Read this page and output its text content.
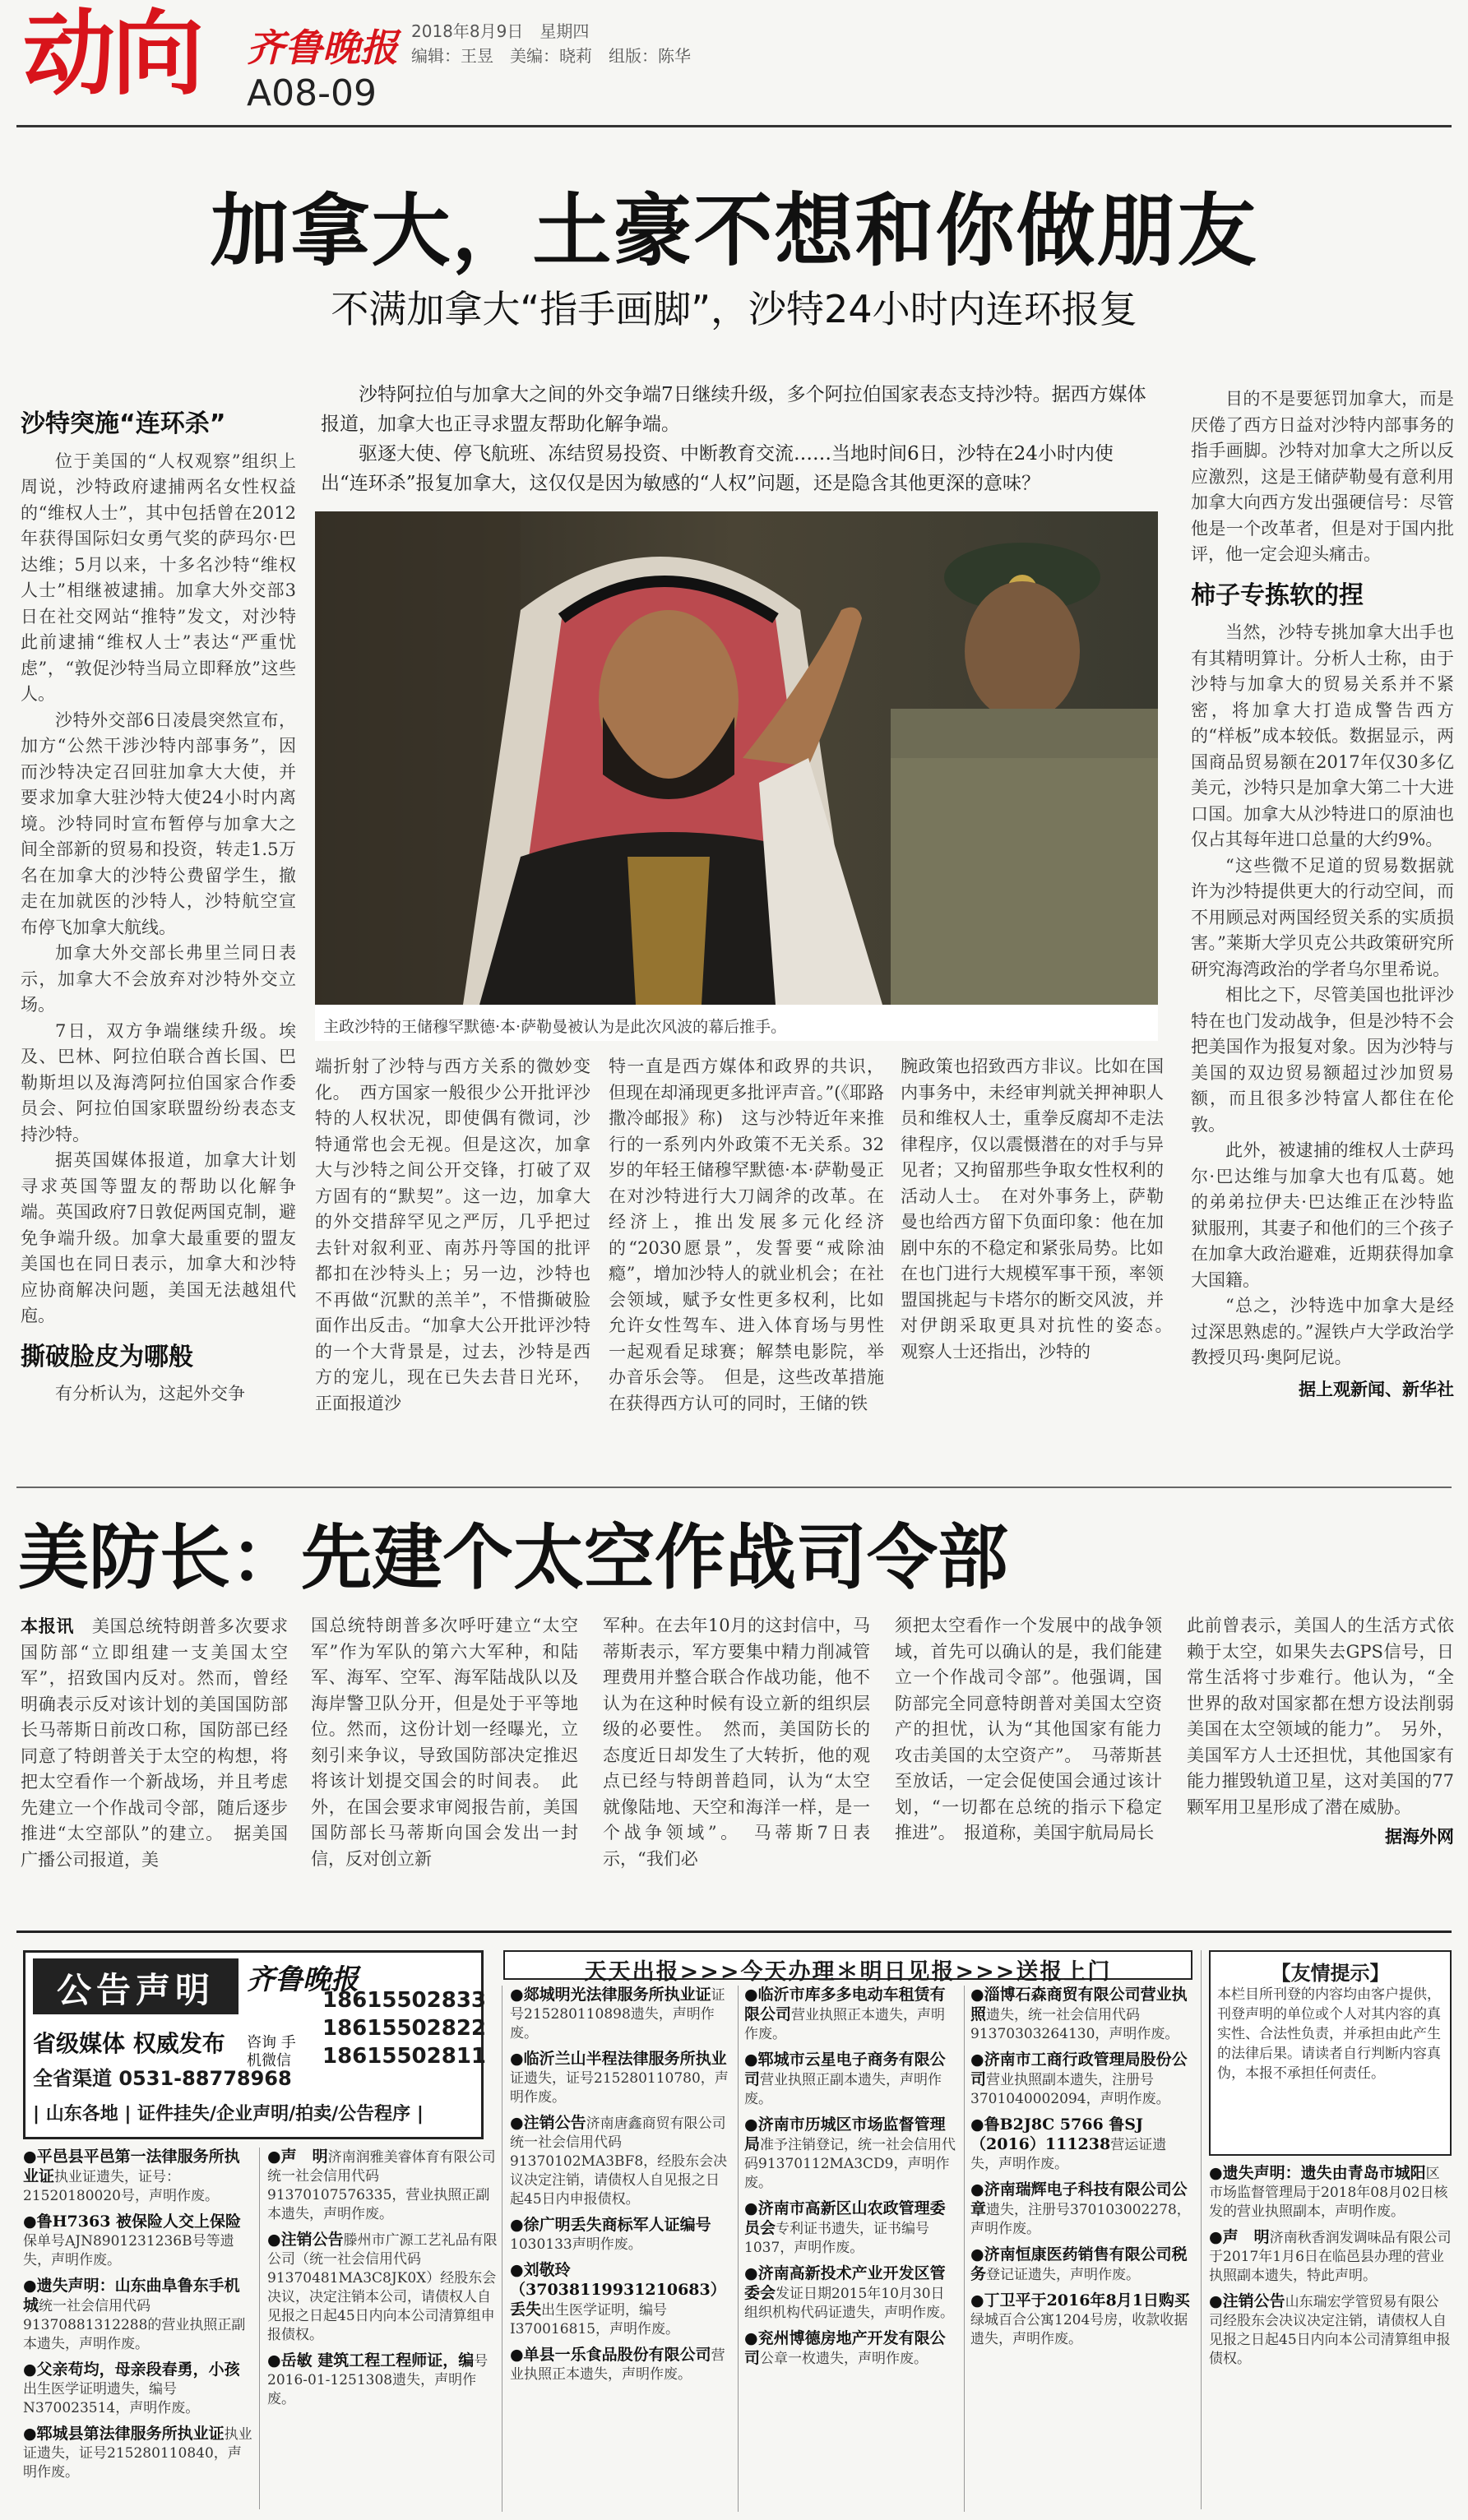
动向 齐鲁晚报
A08-09
2018年8月9日　星期四
编辑：王昱　美编：晓莉　组版：陈华
加拿大，土豪不想和你做朋友
不满加拿大“指手画脚”，沙特24小时内连环报复

沙特阿拉伯与加拿大之间的外交争端7日继续升级，多个阿拉伯国家表态支持沙特。据西方媒体报道，加拿大也正寻求盟友帮助化解争端。

驱逐大使、停飞航班、冻结贸易投资、中断教育交流……当地时间6日，沙特在24小时内使出“连环杀”报复加拿大，这仅仅是因为敏感的“人权”问题，还是隐含其他更深的意味？

沙特突施“连环杀”

位于美国的“人权观察”组织上周说，沙特政府逮捕两名女性权益的“维权人士”，其中包括曾在2012年获得国际妇女勇气奖的萨玛尔·巴达维；5月以来，十多名沙特“维权人士”相继被逮捕。加拿大外交部3日在社交网站“推特”发文，对沙特此前逮捕“维权人士”表达“严重忧虑”，“敦促沙特当局立即释放”这些人。

沙特外交部6日凌晨突然宣布，加方“公然干涉沙特内部事务”，因而沙特决定召回驻加拿大大使，并要求加拿大驻沙特大使24小时内离境。沙特同时宣布暂停与加拿大之间全部新的贸易和投资，转走1.5万名在加拿大的沙特公费留学生，撤走在加就医的沙特人，沙特航空宣布停飞加拿大航线。

加拿大外交部长弗里兰同日表示，加拿大不会放弃对沙特外交立场。

7日，双方争端继续升级。埃及、巴林、阿拉伯联合酋长国、巴勒斯坦以及海湾阿拉伯国家合作委员会、阿拉伯国家联盟纷纷表态支持沙特。

据英国媒体报道，加拿大计划寻求英国等盟友的帮助以化解争端。英国政府7日敦促两国克制，避免争端升级。加拿大最重要的盟友美国也在同日表示，加拿大和沙特应协商解决问题，美国无法越俎代庖。

撕破脸皮为哪般

有分析认为，这起外交争

主政沙特的王储穆罕默德·本·萨勒曼被认为是此次风波的幕后推手。
端折射了沙特与西方关系的微妙变化。　西方国家一般很少公开批评沙特的人权状况，即使偶有微词，沙特通常也会无视。但是这次，加拿大与沙特之间公开交锋，打破了双方固有的“默契”。这一边，加拿大的外交措辞罕见之严厉，几乎把过去针对叙利亚、南苏丹等国的批评都扣在沙特头上；另一边，沙特也不再做“沉默的羔羊”，不惜撕破脸面作出反击。“加拿大公开批评沙特的一个大背景是，过去，沙特是西方的宠儿，现在已失去昔日光环，正面报道沙
特一直是西方媒体和政界的共识，但现在却涌现更多批评声音。”(《耶路撒冷邮报》称)　这与沙特近年来推行的一系列内外政策不无关系。32岁的年轻王储穆罕默德·本·萨勒曼正在对沙特进行大刀阔斧的改革。在经济上，推出发展多元化经济的“2030愿景”，发誓要“戒除油瘾”，增加沙特人的就业机会；在社会领域，赋予女性更多权利，比如允许女性驾车、进入体育场与男性一起观看足球赛；解禁电影院，举办音乐会等。　但是，这些改革措施在获得西方认可的同时，王储的铁
腕政策也招致西方非议。比如在国内事务中，未经审判就关押神职人员和维权人士，重拳反腐却不走法律程序，仅以震慑潜在的对手与异见者；又拘留那些争取女性权利的活动人士。　在对外事务上，萨勒曼也给西方留下负面印象：他在加剧中东的不稳定和紧张局势。比如在也门进行大规模军事干预，率领盟国挑起与卡塔尔的断交风波，并对伊朗采取更具对抗性的姿态。　观察人士还指出，沙特的

目的不是要惩罚加拿大，而是厌倦了西方日益对沙特内部事务的指手画脚。沙特对加拿大之所以反应激烈，这是王储萨勒曼有意利用加拿大向西方发出强硬信号：尽管他是一个改革者，但是对于国内批评，他一定会迎头痛击。

柿子专拣软的捏

当然，沙特专挑加拿大出手也有其精明算计。分析人士称，由于沙特与加拿大的贸易关系并不紧密，将加拿大打造成警告西方的“样板”成本较低。数据显示，两国商品贸易额在2017年仅30多亿美元，沙特只是加拿大第二十大进口国。加拿大从沙特进口的原油也仅占其每年进口总量的大约9%。

“这些微不足道的贸易数据就许为沙特提供更大的行动空间，而不用顾忌对两国经贸关系的实质损害。”莱斯大学贝克公共政策研究所研究海湾政治的学者乌尔里希说。

相比之下，尽管美国也批评沙特在也门发动战争，但是沙特不会把美国作为报复对象。因为沙特与美国的双边贸易额超过沙加贸易额，而且很多沙特富人都住在伦敦。

此外，被逮捕的维权人士萨玛尔·巴达维与加拿大也有瓜葛。她的弟弟拉伊夫·巴达维正在沙特监狱服刑，其妻子和他们的三个孩子在加拿大政治避难，近期获得加拿大国籍。

“总之，沙特选中加拿大是经过深思熟虑的。”渥铁卢大学政治学教授贝玛·奥阿尼说。

据上观新闻、新华社

美防长：先建个太空作战司令部
本报讯　 美国总统特朗普多次要求国防部“立即组建一支美国太空军”，招致国内反对。然而，曾经明确表示反对该计划的美国国防部长马蒂斯日前改口称，国防部已经同意了特朗普关于太空的构想，将把太空看作一个新战场，并且考虑先建立一个作战司令部，随后逐步推进“太空部队”的建立。　据美国广播公司报道，美
国总统特朗普多次呼吁建立“太空军”作为军队的第六大军种，和陆军、海军、空军、海军陆战队以及海岸警卫队分开，但是处于平等地位。然而，这份计划一经曝光，立刻引来争议，导致国防部决定推迟将该计划提交国会的时间表。　此外，在国会要求审阅报告前，美国国防部长马蒂斯向国会发出一封信，反对创立新
军种。在去年10月的这封信中，马蒂斯表示，军方要集中精力削减管理费用并整合联合作战功能，他不认为在这种时候有设立新的组织层级的必要性。　然而，美国防长的态度近日却发生了大转折，他的观点已经与特朗普趋同，认为“太空就像陆地、天空和海洋一样，是一个战争领域”。　马蒂斯7日表示，“我们必
须把太空看作一个发展中的战争领域，首先可以确认的是，我们能建立一个作战司令部”。他强调，国防部完全同意特朗普对美国太空资产的担忧，认为“其他国家有能力攻击美国的太空资产”。　马蒂斯甚至放话，一定会促使国会通过该计划，“一切都在总统的指示下稳定推进”。　报道称，美国宇航局局长
此前曾表示，美国人的生活方式依赖于太空，如果失去GPS信号，日常生活将寸步难行。他认为，“全世界的敌对国家都在想方设法削弱美国在太空领域的能力”。　另外，美国军方人士还担忧，其他国家有能力摧毁轨道卫星，这对美国的77颗军用卫星形成了潜在威胁。

据海外网

公告声明	齐鲁晚报
省级媒体 权威发布 咨询 手机微信
18615502833
18615502822
18615502811
全省渠道 0531-88778968
| 山东各地 | 证件挂失/企业声明/拍卖/公告程序 |
天天出报>>>今天办理＊明日见报>>>送报上门	【友情提示】
本栏目所刊登的内容均由客户提供，刊登声明的单位或个人对其内容的真实性、合法性负责，并承担由此产生的法律后果。请读者自行判断内容真伪，本报不承担任何责任。
●平邑县平邑第一法律服务所执业证执业证遗失，证号：21520180020号，声明作废。
●鲁H7363 被保险人交上保险保单号AJN8901231236B号等遗失，声明作废。
●遗失声明：山东曲阜鲁东手机城统一社会信用代码91370881312288的营业执照正副本遗失，声明作废。
●父亲苟均，母亲段春勇，小孩出生医学证明遗失，编号N370023514，声明作废。
●郓城县第法律服务所执业证执业证遗失，证号215280110840，声明作废。
●声　明济南润雅美睿体育有限公司统一社会信用代码91370107576335，营业执照正副本遗失，声明作废。
●注销公告滕州市广源工艺礼品有限公司（统一社会信用代码91370481MA3C8JK0X）经股东会决议，决定注销本公司，请债权人自见报之日起45日内向本公司清算组申报债权。
●岳敏 建筑工程工程师证，编号2016-01-1251308遗失，声明作废。
●郯城明光法律服务所执业证证号215280110898遗失，声明作废。
●临沂兰山半程法律服务所执业证遗失，证号215280110780，声明作废。
●注销公告济南唐鑫商贸有限公司统一社会信用代码91370102MA3BF8，经股东会决议决定注销，请债权人自见报之日起45日内申报债权。
●徐广明丢失商标军人证编号1030133声明作废。
●刘敬玲（37038119931210683）丢失出生医学证明，编号I370016815，声明作废。
●单县一乐食品股份有限公司营业执照正本遗失，声明作废。
●临沂市库多多电动车租赁有限公司营业执照正本遗失，声明作废。
●郓城市云星电子商务有限公司营业执照正副本遗失，声明作废。
●济南市历城区市场监督管理局准予注销登记，统一社会信用代码91370112MA3CD9，声明作废。
●济南市高新区山农政管理委员会专利证书遗失，证书编号1037，声明作废。
●济南高新投术产业开发区管委会发证日期2015年10月30日组织机构代码证遗失，声明作废。
●兖州博德房地产开发有限公司公章一枚遗失，声明作废。
●淄博石森商贸有限公司营业执照遗失，统一社会信用代码91370303264130，声明作废。
●济南市工商行政管理局股份公司营业执照副本遗失，注册号3701040002094，声明作废。
●鲁B2J8C 5766 鲁SJ（2016）111238营运证遗失，声明作废。
●济南瑞辉电子科技有限公司公章遗失，注册号370103002278，声明作废。
●济南恒康医药销售有限公司税务登记证遗失，声明作废。
●丁卫平于2016年8月1日购买绿城百合公寓1204号房，收款收据遗失，声明作废。
●遗失声明：遗失由青岛市城阳区市场监督管理局于2018年08月02日核发的营业执照副本，声明作废。
●声　明济南秋香润发调味品有限公司于2017年1月6日在临邑县办理的营业执照副本遗失，特此声明。
●注销公告山东瑞宏学管贸易有限公司经股东会决议决定注销，请债权人自见报之日起45日内向本公司清算组申报债权。
